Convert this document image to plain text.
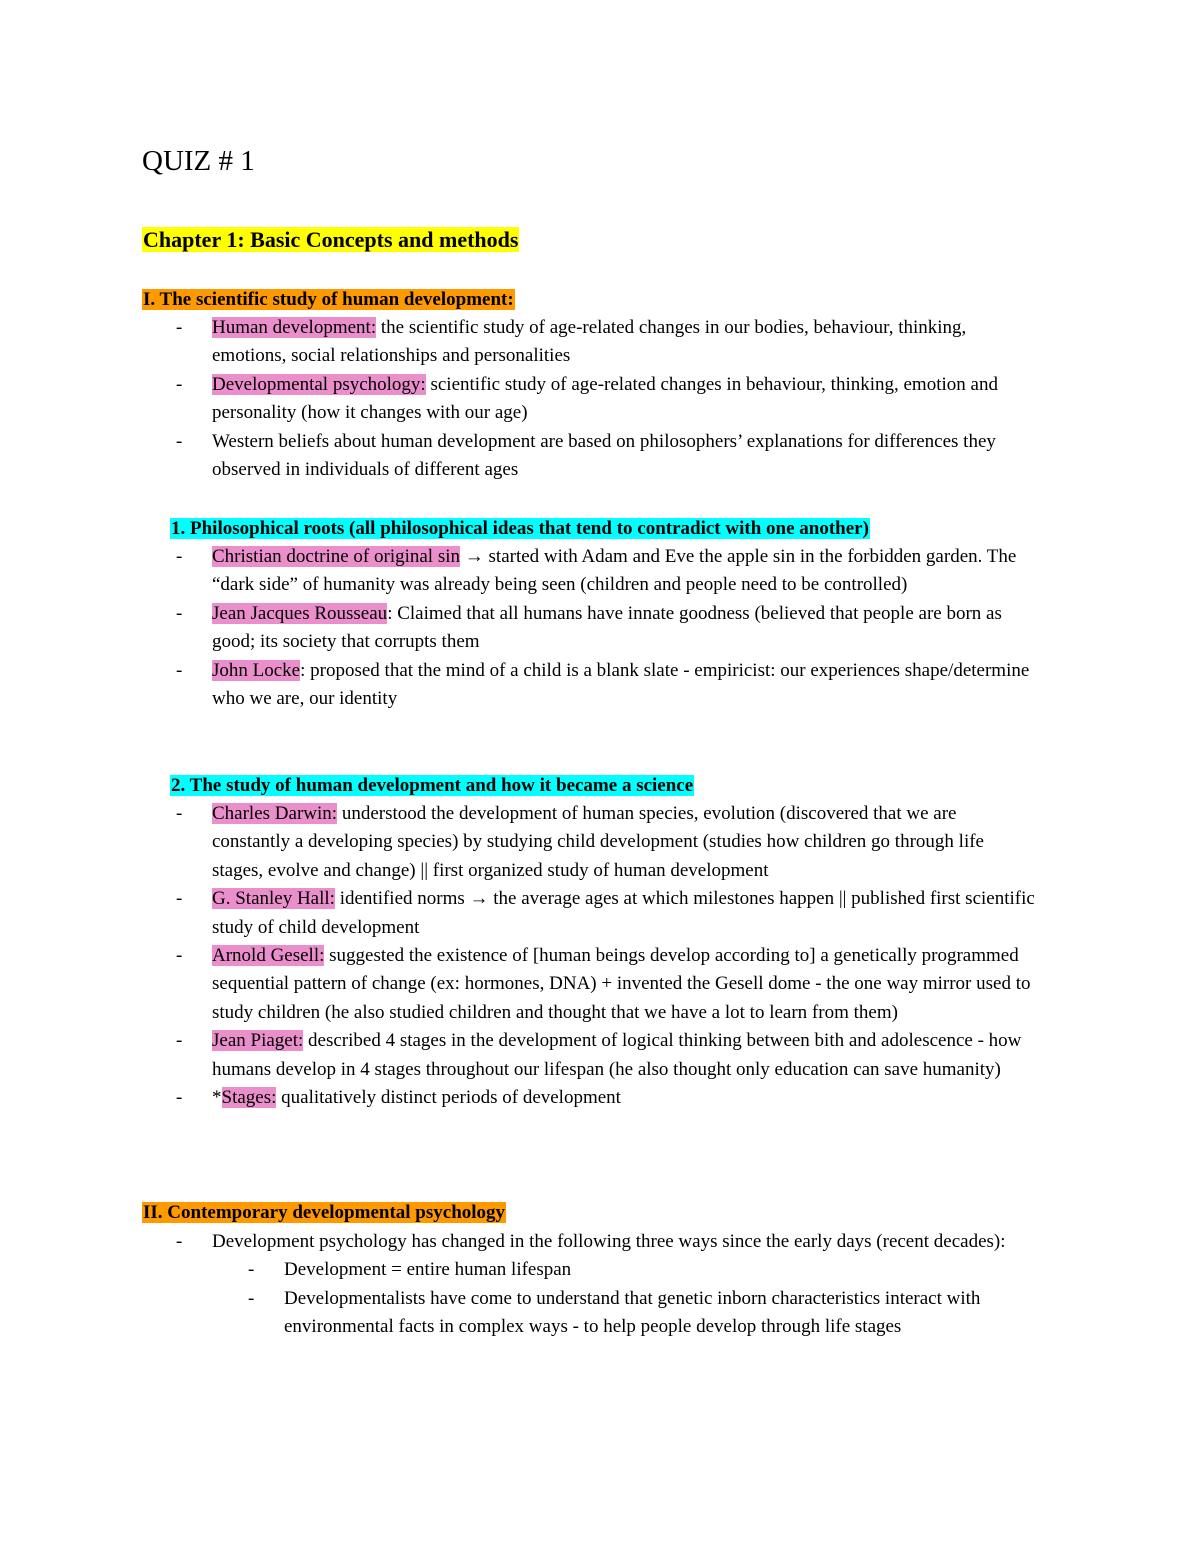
QUIZ # 1
Chapter 1: Basic Concepts and methods
I. The scientific study of human development:
- Human development: the scientific study of age-related changes in our bodies, behaviour, thinking, emotions, social relationships and personalities
- Developmental psychology: scientific study of age-related changes in behaviour, thinking, emotion and personality (how it changes with our age)
- Western beliefs about human development are based on philosophers’ explanations for differences they observed in individuals of different ages
1. Philosophical roots (all philosophical ideas that tend to contradict with one another)
- Christian doctrine of original sin → started with Adam and Eve the apple sin in the forbidden garden. The “dark side” of humanity was already being seen (children and people need to be controlled)
- Jean Jacques Rousseau: Claimed that all humans have innate goodness (believed that people are born as good; its society that corrupts them
- John Locke: proposed that the mind of a child is a blank slate - empiricist: our experiences shape/determine who we are, our identity
2. The study of human development and how it became a science
- Charles Darwin: understood the development of human species, evolution (discovered that we are constantly a developing species) by studying child development (studies how children go through life stages, evolve and change) || first organized study of human development
- G. Stanley Hall: identified norms → the average ages at which milestones happen || published first scientific study of child development
- Arnold Gesell: suggested the existence of [human beings develop according to] a genetically programmed sequential pattern of change (ex: hormones, DNA) + invented the Gesell dome - the one way mirror used to study children (he also studied children and thought that we have a lot to learn from them)
- Jean Piaget: described 4 stages in the development of logical thinking between bith and adolescence - how humans develop in 4 stages throughout our lifespan (he also thought only education can save humanity)
- *Stages: qualitatively distinct periods of development
II. Contemporary developmental psychology
- Development psychology has changed in the following three ways since the early days (recent decades):
- Development = entire human lifespan
- Developmentalists have come to understand that genetic inborn characteristics interact with environmental facts in complex ways - to help people develop through life stages
